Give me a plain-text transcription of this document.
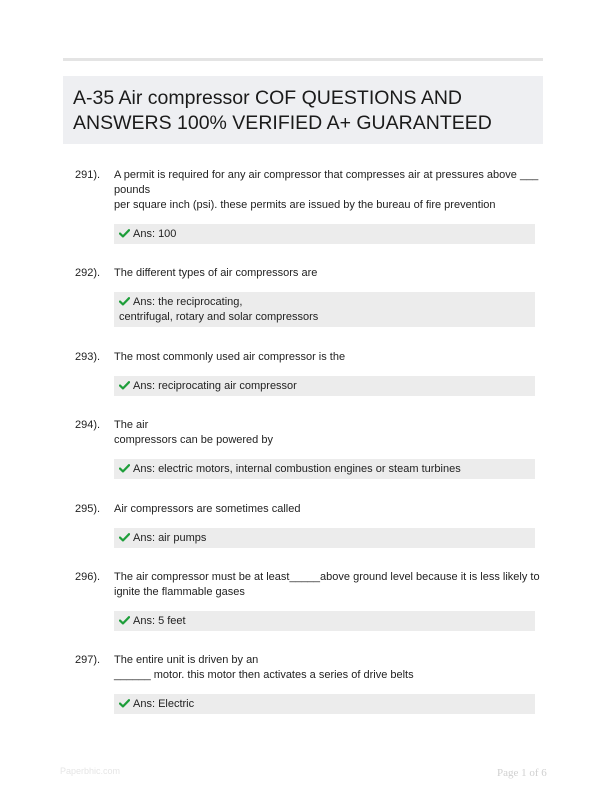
A-35 Air compressor COF QUESTIONS AND
ANSWERS 100% VERIFIED A+ GUARANTEED
291). A permit is required for any air compressor that compresses air at pressures above ___
pounds
per square inch (psi). these permits are issued by the bureau of fire prevention
Ans: 100
292). The different types of air compressors are
Ans: the reciprocating,
centrifugal, rotary and solar compressors
293). The most commonly used air compressor is the
Ans: reciprocating air compressor
294). The air
compressors can be powered by
Ans: electric motors, internal combustion engines or steam turbines
295). Air compressors are sometimes called
Ans: air pumps
296). The air compressor must be at least_____above ground level because it is less likely to
ignite the flammable gases
Ans: 5 feet
297). The entire unit is driven by an
______ motor. this motor then activates a series of drive belts
Ans: Electric
Paperbhic.com	Page 1 of 6
